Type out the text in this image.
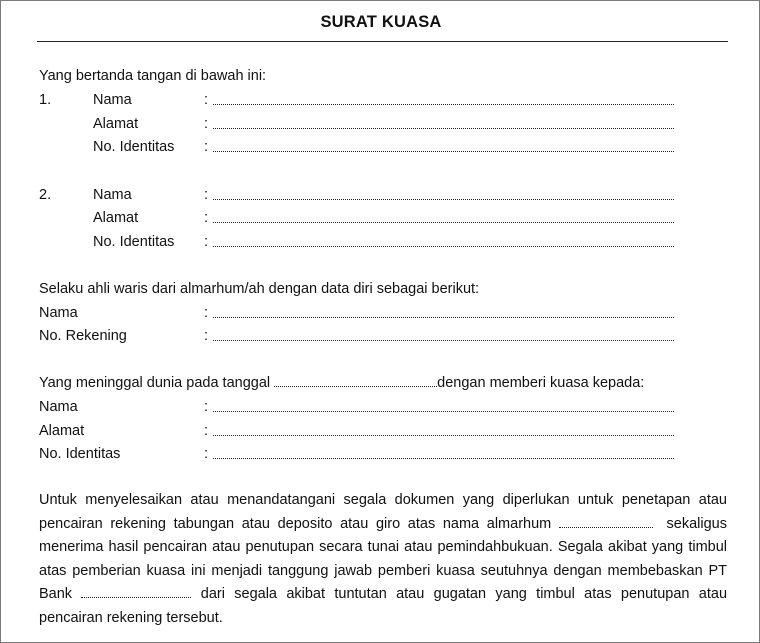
SURAT KUASA
Yang bertanda tangan di bawah ini:
1.	Nama	:
Alamat	:
No. Identitas :
2.	Nama	:
Alamat	:
No. Identitas :
Selaku ahli waris dari almarhum/ah dengan data diri sebagai berikut:
Nama	:
No. Rekening	:
Yang meninggal dunia pada tanggal	dengan memberi kuasa kepada:
Nama	:
Alamat	:
No. Identitas	:
Untuk menyelesaikan atau menandatangani segala dokumen yang diperlukan untuk penetapan atau pencairan rekening tabungan atau deposito atau giro atas nama almarhum	sekaligus menerima hasil pencairan atau penutupan secara tunai atau pemindahbukuan. Segala akibat yang timbul atas pemberian kuasa ini menjadi tanggung jawab pemberi kuasa seutuhnya dengan membebaskan PT Bank	dari segala akibat tuntutan atau gugatan yang timbul atas penutupan atau pencairan rekening tersebut.
